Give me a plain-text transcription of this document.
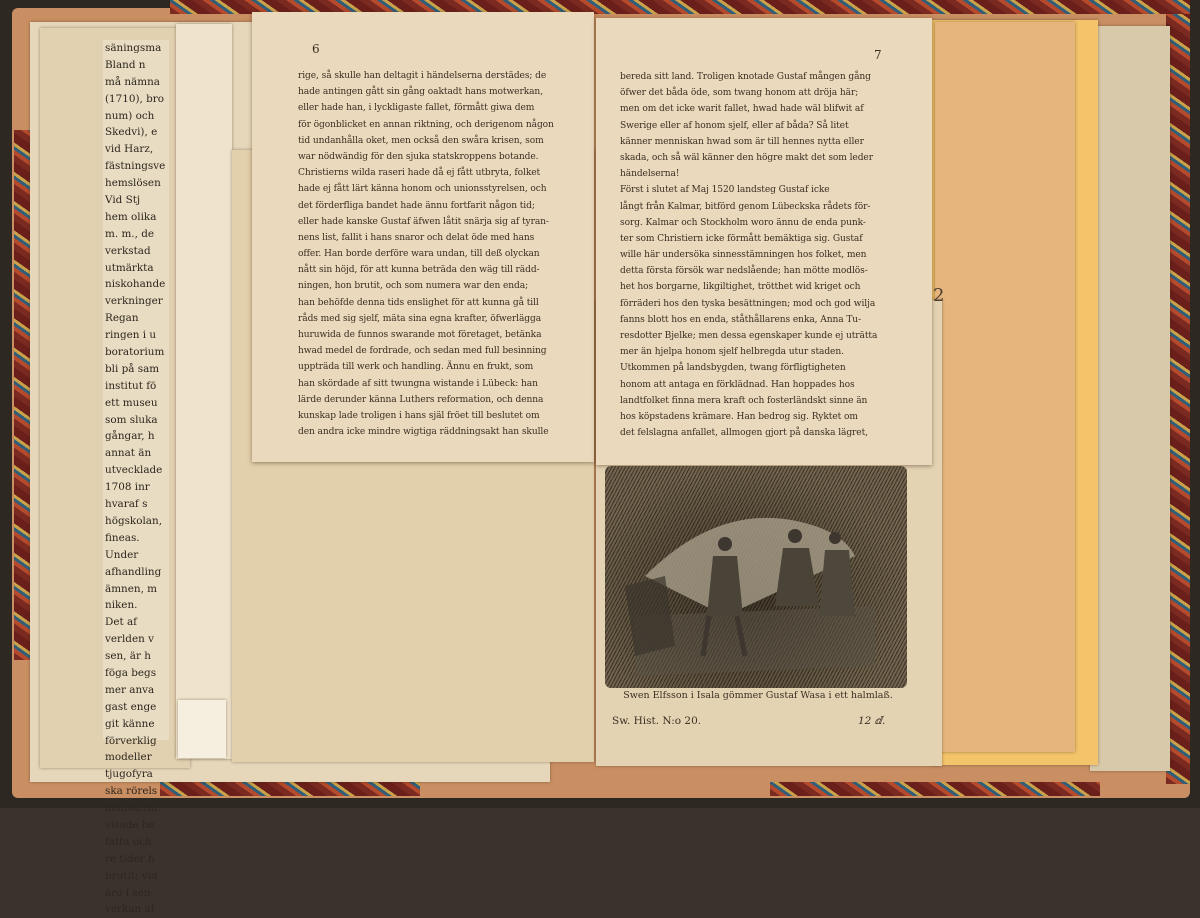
säningsma
Bland n
må nämna
(1710), bro
num) och
Skedvi), e
vid Harz,
fästningsve
hemslösen
Vid Stj
hem olika
m. m., de
verkstad
utmärkta
niskohande
verkninger
Regan
ringen i u
boratorium
bli på sam
institut fö
ett museu
som sluka
gångar, h
annat än
utvecklade
1708 inr
hvaraf s
högskolan,
fineas.
Under
afhandling
ämnen, m
niken.
Det af
verlden v
sen, är h
föga begs
mer anva
gast enge
git känne
förverklig
modeller
tjugofyra
ska rörels
mansättni
visade he
fatta och
re tider h
brutit; vid
äro i sen
verkan af
6
rige, så skulle han deltagit i händelserna derstädes; de
hade antingen gått sin gång oaktadt hans motwerkan,
eller hade han, i lyckligaste fallet, förmått giwa dem
för ögonblicket en annan riktning, och derigenom någon
tid undanhålla oket, men också den swåra krisen, som
war nödwändig för den sjuka statskroppens botande.
Christierns wilda raseri hade då ej fått utbryta, folket
hade ej fått lärt känna honom och unionsstyrelsen, och
det förderfliga bandet hade ännu fortfarit någon tid;
eller hade kanske Gustaf äfwen låtit snärja sig af tyran-
nens list, fallit i hans snaror och delat öde med hans
offer. Han borde derföre wara undan, till deß olyckan
nått sin höjd, för att kunna beträda den wäg till rädd-
ningen, hon brutit, och som numera war den enda;
han behöfde denna tids enslighet för att kunna gå till
råds med sig sjelf, mäta sina egna krafter, öfwerlägga
huruwida de funnos swarande mot företaget, betänka
hwad medel de fordrade, och sedan med full besinning
uppträda till werk och handling. Ännu en frukt, som
han skördade af sitt twungna wistande i Lübeck: han
lärde derunder känna Luthers reformation, och denna
kunskap lade troligen i hans själ fröet till beslutet om
den andra icke mindre wigtiga räddningsakt han skulle
7
bereda sitt land. Troligen knotade Gustaf mången gång
öfwer det båda öde, som twang honom att dröja här;
men om det icke warit fallet, hwad hade wäl blifwit af
Swerige eller af honom sjelf, eller af båda? Så litet
känner menniskan hwad som är till hennes nytta eller
skada, och så wäl känner den högre makt det som leder
händelserna!
Först i slutet af Maj 1520 landsteg Gustaf icke
långt från Kalmar, bitförd genom Lübeckska rådets för-
sorg. Kalmar och Stockholm woro ännu de enda punk-
ter som Christiern icke förmått bemäktiga sig. Gustaf
wille här undersöka sinnesstämningen hos folket, men
detta första försök war nedslående; han mötte modlös-
het hos borgarne, likgiltighet, trötthet wid kriget och
förräderi hos den tyska besättningen; mod och god wilja
fanns blott hos en enda, ståthållarens enka, Anna Tu-
resdotter Bjelke; men dessa egenskaper kunde ej uträtta
mer än hjelpa honom sjelf helbregda utur staden.
Utkommen på landsbygden, twang förfligtigheten
honom att antaga en förklädnad. Han hoppades hos
landtfolket finna mera kraft och fosterländskt sinne än
hos köpstadens krämare. Han bedrog sig. Ryktet om
det felslagna anfallet, allmogen gjort på danska lägret,
Swen Elfsson i Isala gömmer Gustaf Wasa i ett halmlaß.
Sw. Hist. N:o 20.	12 ⅆ.
2
